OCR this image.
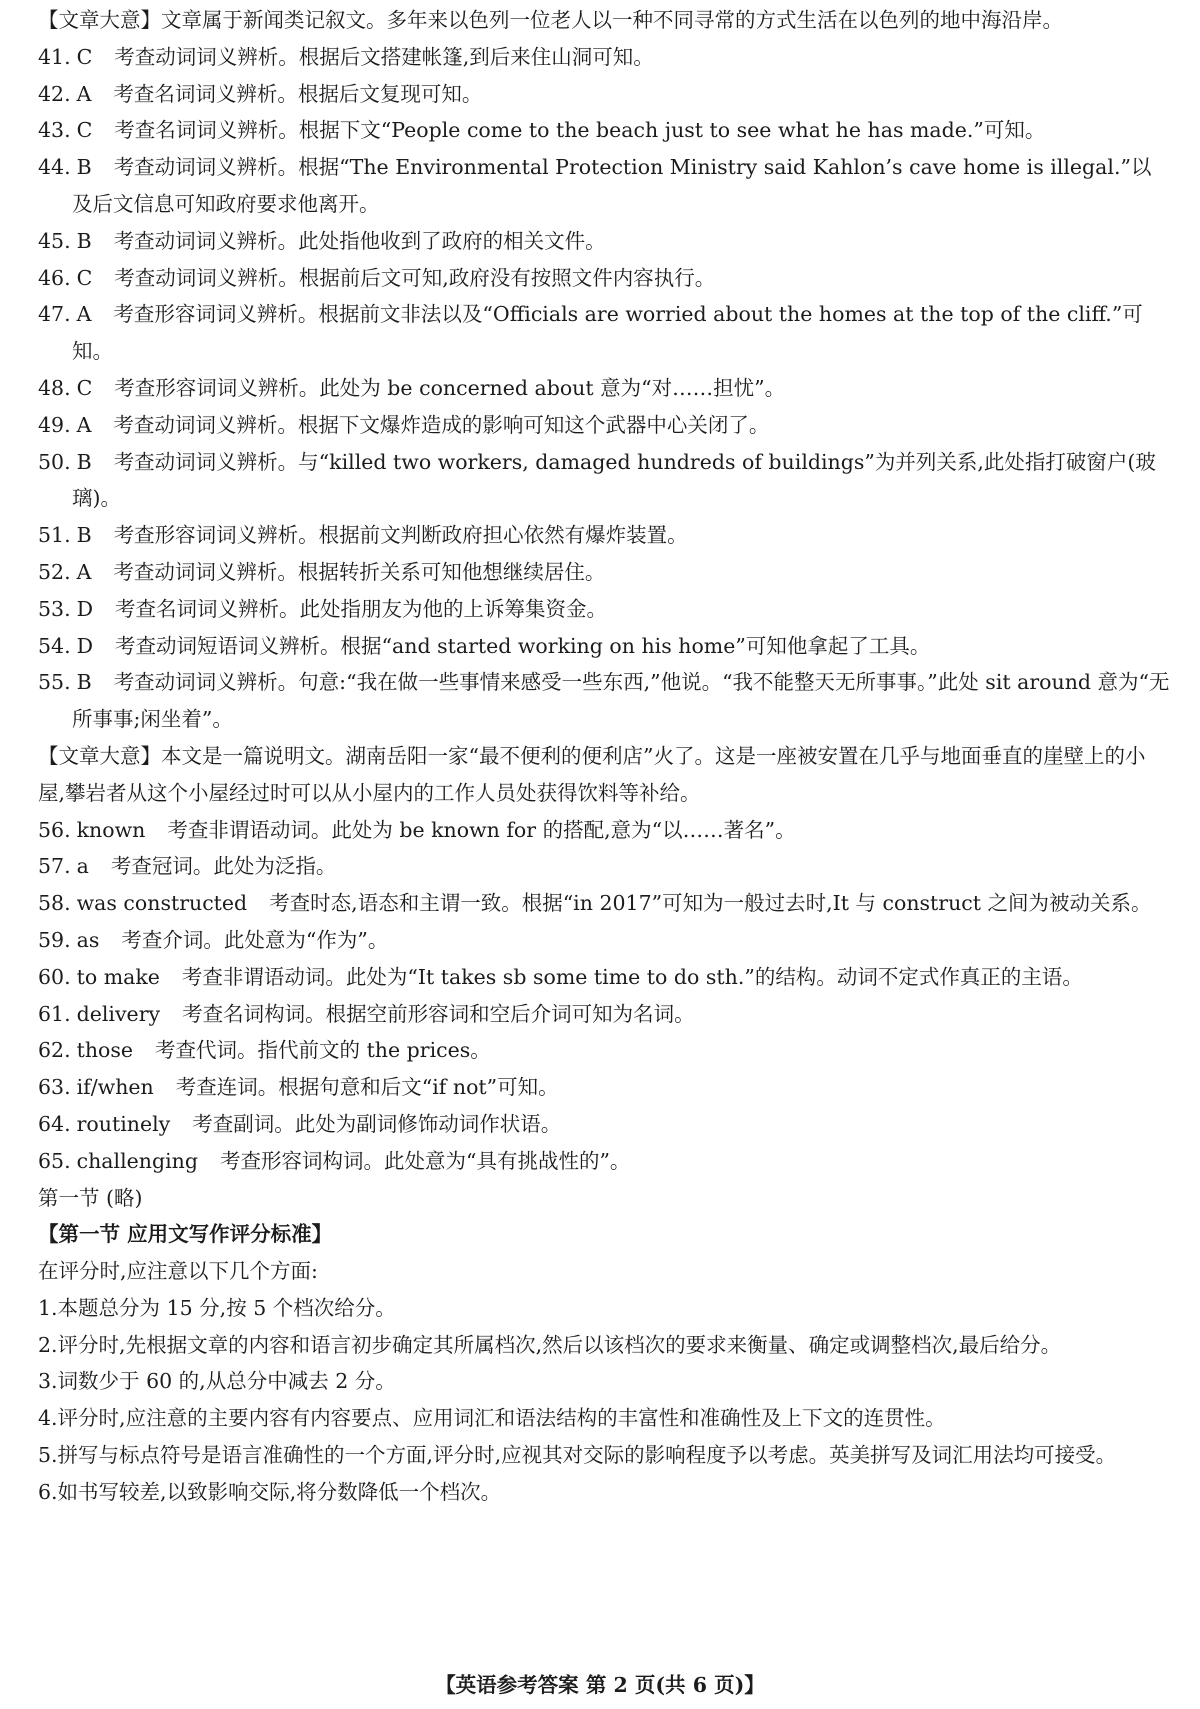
【文章大意】文章属于新闻类记叙文。多年来以色列一位老人以一种不同寻常的方式生活在以色列的地中海沿岸。
41. C 考查动词词义辨析。根据后文搭建帐篷,到后来住山洞可知。
42. A 考查名词词义辨析。根据后文复现可知。
43. C 考查名词词义辨析。根据下文“People come to the beach just to see what he has made.”可知。
44. B 考查动词词义辨析。根据“The Environmental Protection Ministry said Kahlon’s cave home is illegal.”以及后文信息可知政府要求他离开。
45. B 考查动词词义辨析。此处指他收到了政府的相关文件。
46. C 考查动词词义辨析。根据前后文可知,政府没有按照文件内容执行。
47. A 考查形容词词义辨析。根据前文非法以及“Officials are worried about the homes at the top of the cliff.”可知。
48. C 考查形容词词义辨析。此处为 be concerned about 意为“对……担忧”。
49. A 考查动词词义辨析。根据下文爆炸造成的影响可知这个武器中心关闭了。
50. B 考查动词词义辨析。与“killed two workers, damaged hundreds of buildings”为并列关系,此处指打破窗户(玻璃)。
51. B 考查形容词词义辨析。根据前文判断政府担心依然有爆炸装置。
52. A 考查动词词义辨析。根据转折关系可知他想继续居住。
53. D 考查名词词义辨析。此处指朋友为他的上诉筹集资金。
54. D 考查动词短语词义辨析。根据“and started working on his home”可知他拿起了工具。
55. B 考查动词词义辨析。句意:“我在做一些事情来感受一些东西,”他说。“我不能整天无所事事。”此处 sit around 意为“无所事事;闲坐着”。
【文章大意】本文是一篇说明文。湖南岳阳一家“最不便利的便利店”火了。这是一座被安置在几乎与地面垂直的崖壁上的小屋,攀岩者从这个小屋经过时可以从小屋内的工作人员处获得饮料等补给。
56. known 考查非谓语动词。此处为 be known for 的搭配,意为“以……著名”。
57. a 考查冠词。此处为泛指。
58. was constructed 考查时态,语态和主谓一致。根据“in 2017”可知为一般过去时,It 与 construct 之间为被动关系。
59. as 考查介词。此处意为“作为”。
60. to make 考查非谓语动词。此处为“It takes sb some time to do sth.”的结构。动词不定式作真正的主语。
61. delivery 考查名词构词。根据空前形容词和空后介词可知为名词。
62. those 考查代词。指代前文的 the prices。
63. if/when 考查连词。根据句意和后文“if not”可知。
64. routinely 考查副词。此处为副词修饰动词作状语。
65. challenging 考查形容词构词。此处意为“具有挑战性的”。
第一节 (略)
【第一节 应用文写作评分标准】
在评分时,应注意以下几个方面:
1.本题总分为 15 分,按 5 个档次给分。
2.评分时,先根据文章的内容和语言初步确定其所属档次,然后以该档次的要求来衡量、确定或调整档次,最后给分。
3.词数少于 60 的,从总分中减去 2 分。
4.评分时,应注意的主要内容有内容要点、应用词汇和语法结构的丰富性和准确性及上下文的连贯性。
5.拼写与标点符号是语言准确性的一个方面,评分时,应视其对交际的影响程度予以考虑。英美拼写及词汇用法均可接受。
6.如书写较差,以致影响交际,将分数降低一个档次。
【英语参考答案 第 2 页(共 6 页)】
